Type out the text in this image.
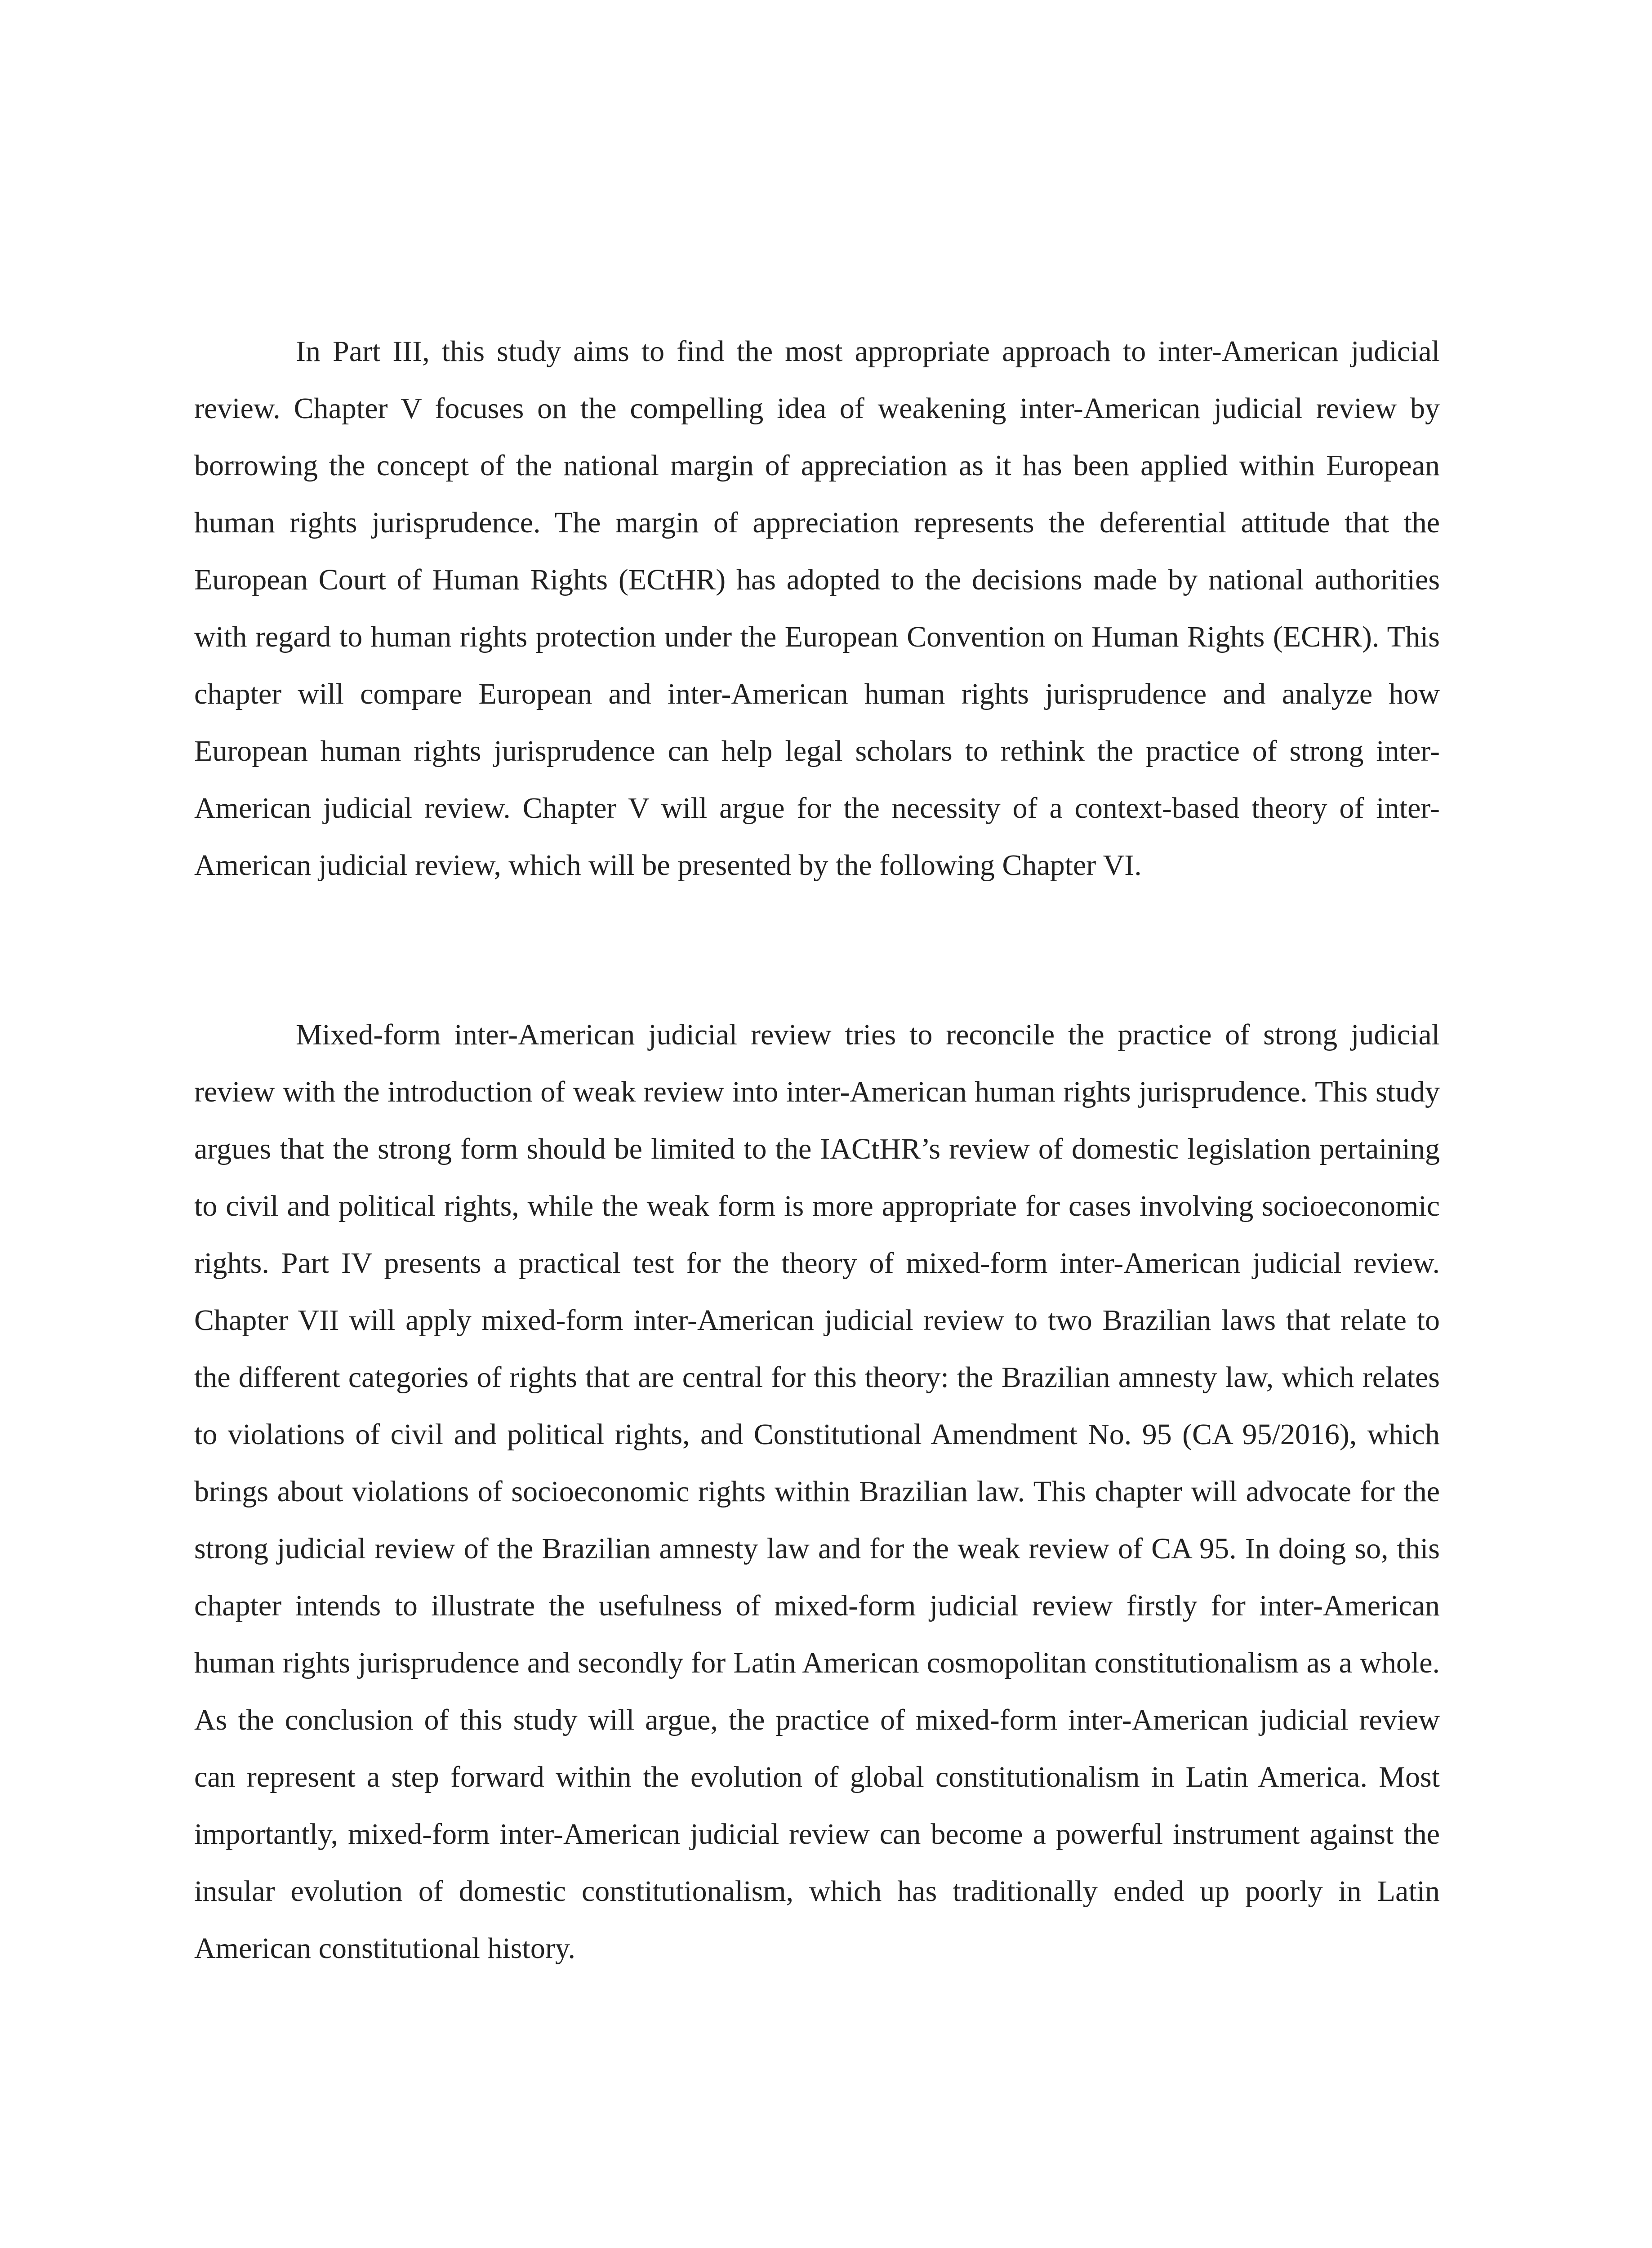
In Part III, this study aims to find the most appropriate approach to inter-American judicial review. Chapter V focuses on the compelling idea of weakening inter-American judicial review by borrowing the concept of the national margin of appreciation as it has been applied within European human rights jurisprudence. The margin of appreciation represents the deferential attitude that the European Court of Human Rights (ECtHR) has adopted to the decisions made by national authorities with regard to human rights protection under the European Convention on Human Rights (ECHR). This chapter will compare European and inter-American human rights jurisprudence and analyze how European human rights jurisprudence can help legal scholars to rethink the practice of strong inter-American judicial review. Chapter V will argue for the necessity of a context-based theory of inter-American judicial review, which will be presented by the following Chapter VI.

Mixed-form inter-American judicial review tries to reconcile the practice of strong judicial review with the introduction of weak review into inter-American human rights jurisprudence. This study argues that the strong form should be limited to the IACtHR’s review of domestic legislation pertaining to civil and political rights, while the weak form is more appropriate for cases involving socioeconomic rights. Part IV presents a practical test for the theory of mixed-form inter-American judicial review. Chapter VII will apply mixed-form inter-American judicial review to two Brazilian laws that relate to the different categories of rights that are central for this theory: the Brazilian amnesty law, which relates to violations of civil and political rights, and Constitutional Amendment No. 95 (CA 95/2016), which brings about violations of socioeconomic rights within Brazilian law. This chapter will advocate for the strong judicial review of the Brazilian amnesty law and for the weak review of CA 95. In doing so, this chapter intends to illustrate the usefulness of mixed-form judicial review firstly for inter-American human rights jurisprudence and secondly for Latin American cosmopolitan constitutionalism as a whole. As the conclusion of this study will argue, the practice of mixed-form inter-American judicial review can represent a step forward within the evolution of global constitutionalism in Latin America. Most importantly, mixed-form inter-American judicial review can become a powerful instrument against the insular evolution of domestic constitutionalism, which has traditionally ended up poorly in Latin American constitutional history.
